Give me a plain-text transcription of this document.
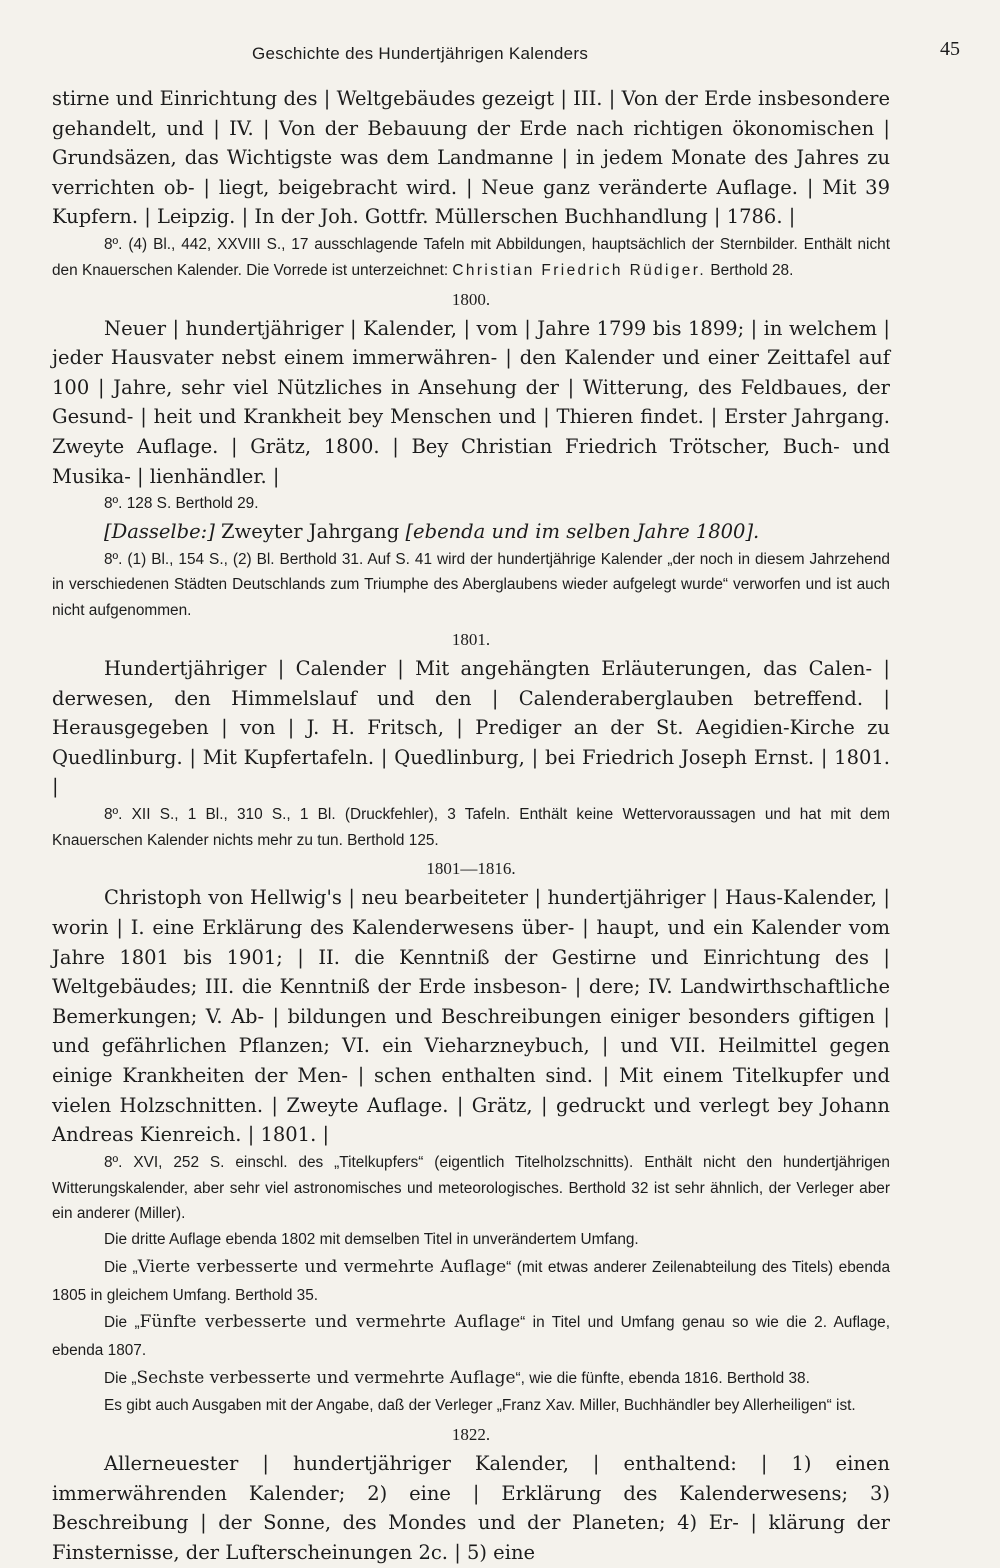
Geschichte des Hundertjährigen Kalenders	45

stirne und Einrichtung des | Weltgebäudes gezeigt | III. | Von der Erde insbesondere gehandelt, und | IV. | Von der Bebauung der Erde nach richtigen ökonomischen | Grundsäzen, das Wichtigste was dem Landmanne | in jedem Monate des Jahres zu verrichten ob- | liegt, beigebracht wird. | Neue ganz veränderte Auflage. | Mit 39 Kupfern. | Leipzig. | In der Joh. Gottfr. Müllerschen Buchhandlung | 1786. |

8º. (4) Bl., 442, XXVIII S., 17 ausschlagende Tafeln mit Abbildungen, hauptsächlich der Sternbilder. Enthält nicht den Knauerschen Kalender. Die Vorrede ist unterzeichnet: Christian Friedrich Rüdiger. Berthold 28.

1800.

Neuer | hundertjähriger | Kalender, | vom | Jahre 1799 bis 1899; | in welchem | jeder Hausvater nebst einem immerwähren- | den Kalender und einer Zeittafel auf 100 | Jahre, sehr viel Nützliches in Ansehung der | Witterung, des Feldbaues, der Gesund- | heit und Krankheit bey Menschen und | Thieren findet. | Erster Jahrgang. Zweyte Auflage. | Grätz, 1800. | Bey Christian Friedrich Trötscher, Buch- und Musika- | lienhändler. |

8º. 128 S. Berthold 29.

[Dasselbe:] Zweyter Jahrgang [ebenda und im selben Jahre 1800].

8º. (1) Bl., 154 S., (2) Bl. Berthold 31. Auf S. 41 wird der hundertjährige Kalender „der noch in diesem Jahrzehend in verschiedenen Städten Deutschlands zum Triumphe des Aberglaubens wieder aufgelegt wurde“ verworfen und ist auch nicht aufgenommen.

1801.

Hundertjähriger | Calender | Mit angehängten Erläuterungen, das Calen- | derwesen, den Himmelslauf und den | Calenderaberglauben betreffend. | Herausgegeben | von | J. H. Fritsch, | Prediger an der St. Aegidien-Kirche zu Quedlinburg. | Mit Kupfertafeln. | Quedlinburg, | bei Friedrich Joseph Ernst. | 1801. |

8º. XII S., 1 Bl., 310 S., 1 Bl. (Druckfehler), 3 Tafeln. Enthält keine Wettervoraussagen und hat mit dem Knauerschen Kalender nichts mehr zu tun. Berthold 125.

1801—1816.

Christoph von Hellwig's | neu bearbeiteter | hundertjähriger | Haus-Kalender, | worin | I. eine Erklärung des Kalenderwesens über- | haupt, und ein Kalender vom Jahre 1801 bis 1901; | II. die Kenntniß der Gestirne und Einrichtung des | Weltgebäudes; III. die Kenntniß der Erde insbeson- | dere; IV. Landwirthschaftliche Bemerkungen; V. Ab- | bildungen und Beschreibungen einiger besonders giftigen | und gefährlichen Pflanzen; VI. ein Vieharzneybuch, | und VII. Heilmittel gegen einige Krankheiten der Men- | schen enthalten sind. | Mit einem Titelkupfer und vielen Holzschnitten. | Zweyte Auflage. | Grätz, | gedruckt und verlegt bey Johann Andreas Kienreich. | 1801. |

8º. XVI, 252 S. einschl. des „Titelkupfers“ (eigentlich Titelholzschnitts). Enthält nicht den hundertjährigen Witterungskalender, aber sehr viel astronomisches und meteorologisches. Berthold 32 ist sehr ähnlich, der Verleger aber ein anderer (Miller).

Die dritte Auflage ebenda 1802 mit demselben Titel in unverändertem Umfang.

Die „Vierte verbesserte und vermehrte Auflage“ (mit etwas anderer Zeilenabteilung des Titels) ebenda 1805 in gleichem Umfang. Berthold 35.

Die „Fünfte verbesserte und vermehrte Auflage“ in Titel und Umfang genau so wie die 2. Auflage, ebenda 1807.

Die „Sechste verbesserte und vermehrte Auflage“, wie die fünfte, ebenda 1816. Berthold 38.

Es gibt auch Ausgaben mit der Angabe, daß der Verleger „Franz Xav. Miller, Buchhändler bey Allerheiligen“ ist.

1822.

Allerneuester | hundertjähriger Kalender, | enthaltend: | 1) einen immerwährenden Kalender; 2) eine | Erklärung des Kalenderwesens; 3) Beschreibung | der Sonne, des Mondes und der Planeten; 4) Er- | klärung der Finsternisse, der Lufterscheinungen 2c. | 5) eine
